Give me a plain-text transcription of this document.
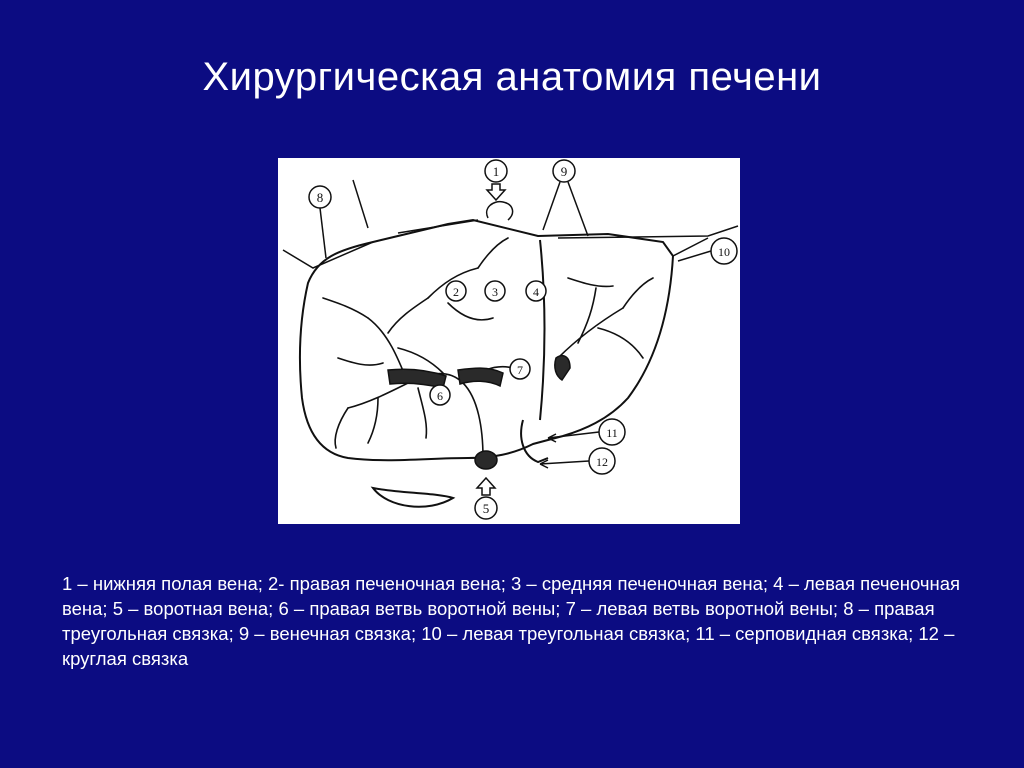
Хирургическая анатомия печени
1
2	3	4
5
6
7
8
9
10
11
12
1 – нижняя полая вена; 2- правая печеночная вена; 3 – средняя печеночная вена; 4 – левая печеночная вена; 5 – воротная вена; 6 – правая ветвь воротной вены; 7 – левая ветвь воротной вены; 8 – правая треугольная связка; 9 – венечная связка; 10 – левая треугольная связка; 11 – серповидная связка; 12 – круглая связка
